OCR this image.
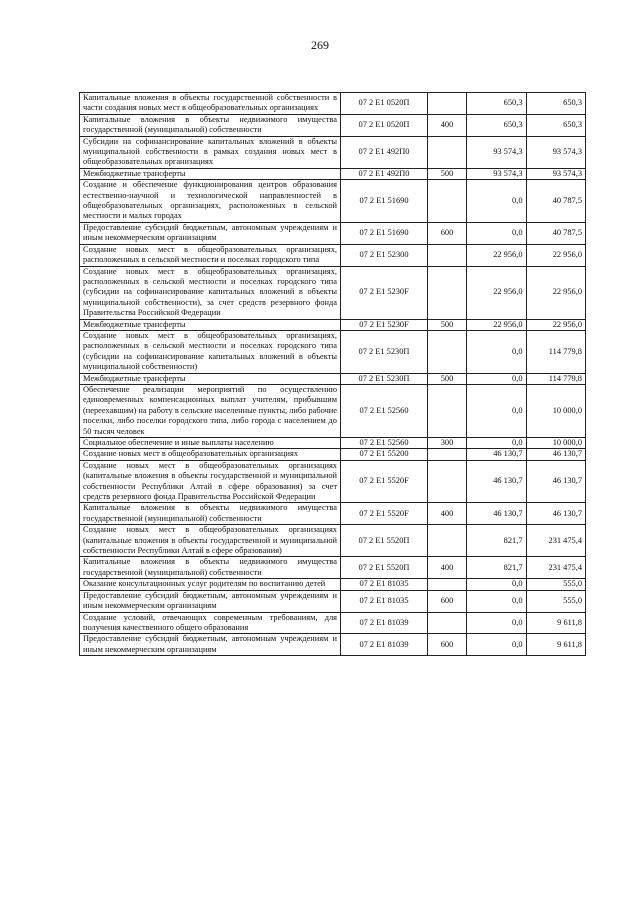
269
Капитальные вложения в объекты государственной собственности в части создания новых мест в общеобразовательных организациях	07 2 E1 0520П		650,3	650,3
Капитальные вложения в объекты недвижимого имущества государственной (муниципальной) собственности	07 2 E1 0520П	400	650,3	650,3
Субсидии на софинансирование капитальных вложений в объекты муниципальной собственности в рамках создания новых мест в общеобразовательных организациях	07 2 E1 492П0		93 574,3	93 574,3
Межбюджетные трансферты	07 2 E1 492П0	500	93 574,3	93 574,3
Создание и обеспечение функционирования центров образования естественно-научной и технологической направленностей в общеобразовательных организациях, расположенных в сельской местности и малых городах	07 2 E1 51690		0,0	40 787,5
Предоставление субсидий бюджетным, автономным учреждениям и иным некоммерческим организациям	07 2 E1 51690	600	0,0	40 787,5
Создание новых мест в общеобразовательных организациях, расположенных в сельской местности и поселках городского типа	07 2 E1 52300		22 956,0	22 956,0
Создание новых мест в общеобразовательных организациях, расположенных в сельской местности и поселках городского типа (субсидии на софинансирование капитальных вложений в объекты муниципальной собственности), за счет средств резервного фонда Правительства Российской Федерации	07 2 E1 5230F		22 956,0	22 956,0
Межбюджетные трансферты	07 2 E1 5230F	500	22 956,0	22 956,0
Создание новых мест в общеобразовательных организациях, расположенных в сельской местности и поселках городского типа (субсидии на софинансирование капитальных вложений в объекты муниципальной собственности)	07 2 E1 5230П		0,0	114 779,8
Межбюджетные трансферты	07 2 E1 5230П	500	0,0	114 779,8
Обеспечение реализации мероприятий по осуществлению единовременных компенсационных выплат учителям, прибывшим (переехавшим) на работу в сельские населенные пункты, либо рабочие поселки, либо поселки городского типа, либо города с населением до 50 тысяч человек	07 2 E1 52560		0,0	10 000,0
Социальное обеспечение и иные выплаты населению	07 2 E1 52560	300	0,0	10 000,0
Создание новых мест в общеобразовательных организациях	07 2 E1 55200		46 130,7	46 130,7
Создание новых мест в общеобразовательных организациях (капитальные вложения в объекты государственной и муниципальной собственности Республики Алтай в сфере образования) за счет средств резервного фонда Правительства Российской Федерации	07 2 E1 5520F		46 130,7	46 130,7
Капитальные вложения в объекты недвижимого имущества государственной (муниципальной) собственности	07 2 E1 5520F	400	46 130,7	46 130,7
Создание новых мест в общеобразовательных организациях (капитальные вложения в объекты государственной и муниципальной собственности Республики Алтай в сфере образования)	07 2 E1 5520П		821,7	231 475,4
Капитальные вложения в объекты недвижимого имущества государственной (муниципальной) собственности	07 2 E1 5520П	400	821,7	231 475,4
Оказание консультационных услуг родителям по воспитанию детей	07 2 E1 81035		0,0	555,0
Предоставление субсидий бюджетным, автономным учреждениям и иным некоммерческим организациям	07 2 E1 81035	600	0,0	555,0
Создание условий, отвечающих современным требованиям, для получения качественного общего образования	07 2 E1 81039		0,0	9 611,8
Предоставление субсидий бюджетным, автономным учреждениям и иным некоммерческим организациям	07 2 E1 81039	600	0,0	9 611,8
